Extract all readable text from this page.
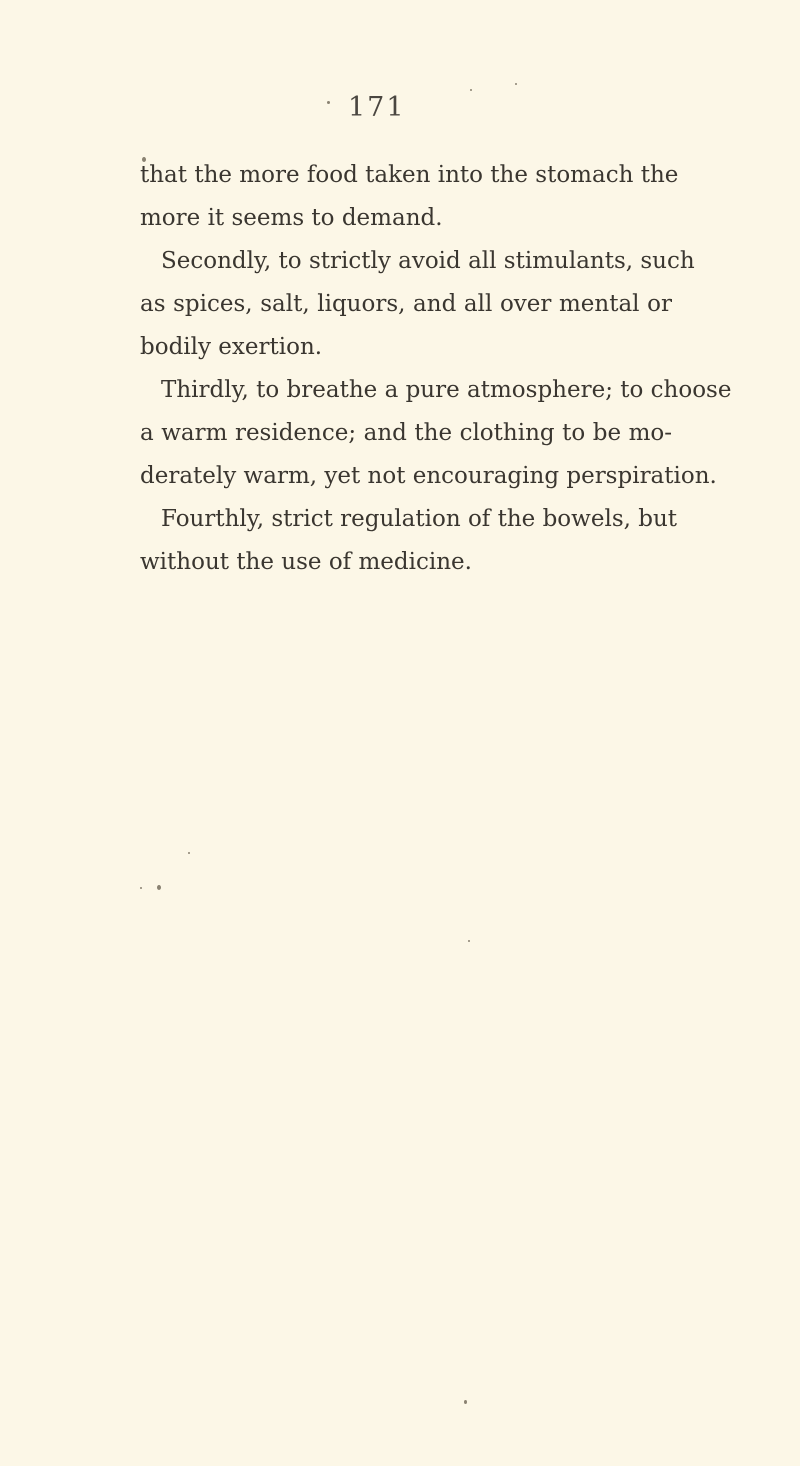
171
that the more food taken into the stomach the
more it seems to demand.
Secondly, to strictly avoid all stimulants, such
as spices, salt, liquors, and all over mental or
bodily exertion.
Thirdly, to breathe a pure atmosphere; to choose
a warm residence; and the clothing to be mo-
derately warm, yet not encouraging perspiration.
Fourthly, strict regulation of the bowels, but
without the use of medicine.
